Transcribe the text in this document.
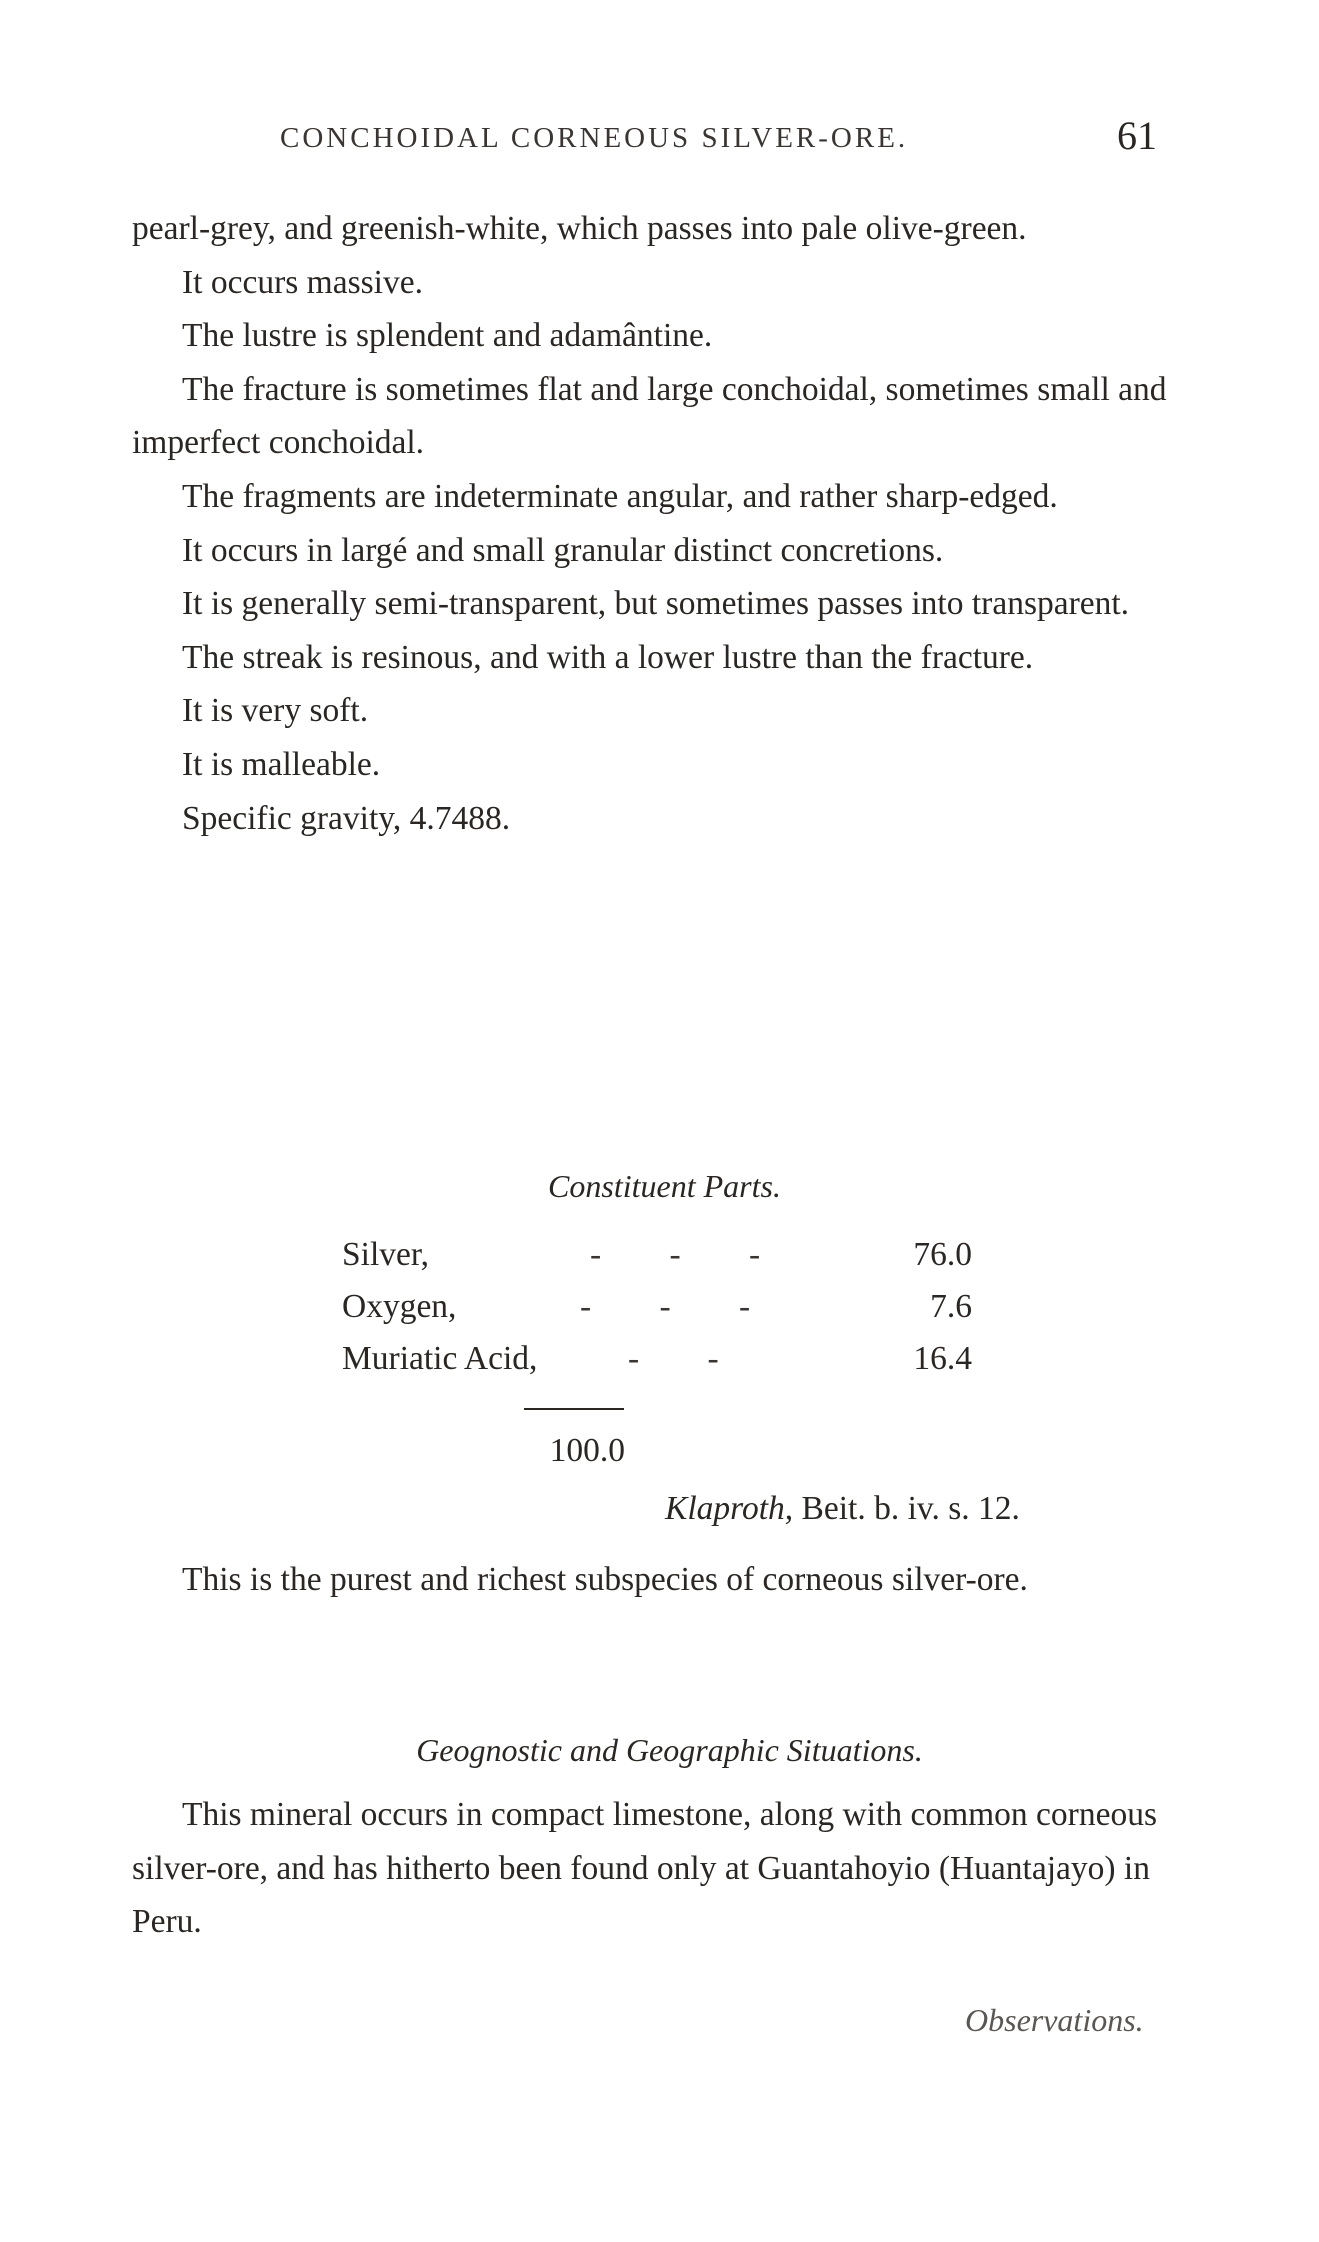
CONCHOIDAL CORNEOUS SILVER-ORE.	61

pearl-grey, and greenish-white, which passes into pale olive-green.

It occurs massive.

The lustre is splendent and adamântine.

The fracture is sometimes flat and large conchoidal, sometimes small and imperfect conchoidal.

The fragments are indeterminate angular, and rather sharp-edged.

It occurs in largé and small granular distinct concretions.

It is generally semi-transparent, but sometimes passes into transparent.

The streak is resinous, and with a lower lustre than the fracture.

It is very soft.

It is malleable.

Specific gravity, 4.7488.

Constituent Parts.
Silver,	- - -	76.0
Oxygen,	- - -	7.6
Muriatic Acid,	- -	16.4
100.0
Klaproth, Beit. b. iv. s. 12.

This is the purest and richest subspecies of corneous silver-ore.

Geognostic and Geographic Situations.

This mineral occurs in compact limestone, along with common corneous silver-ore, and has hitherto been found only at Guantahoyio (Huantajayo) in Peru.

Observations.
